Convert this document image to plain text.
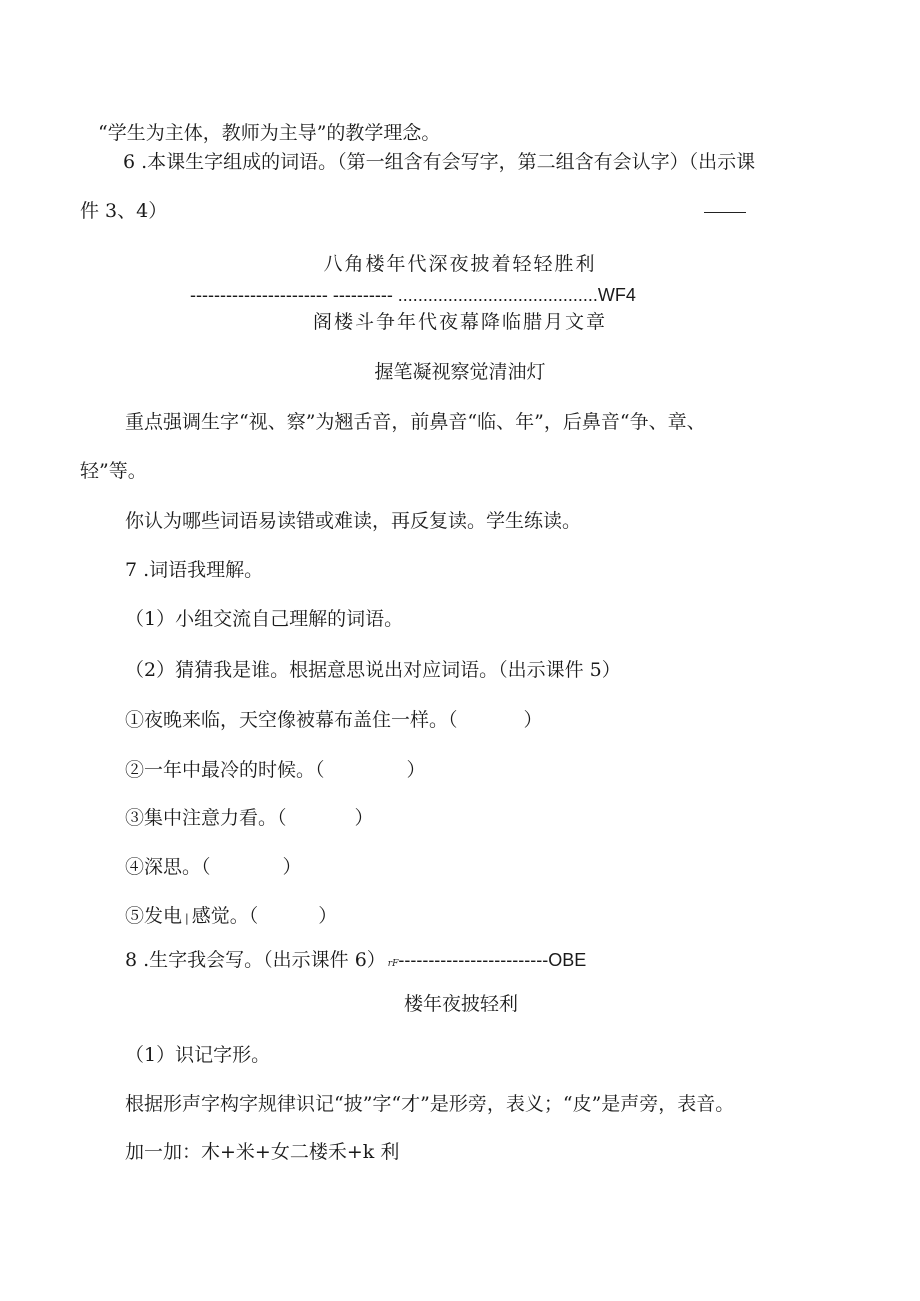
“学生为主体，教师为主导”的教学理念。
6 .本课生字组成的词语。（第一组含有会写字，第二组含有会认字）（出示课
件 3、4）
八角楼年代深夜披着轻轻胜利
----------------------- ---------- ........................................WF4
阁楼斗争年代夜幕降临腊月文章
握笔凝视察觉清油灯
重点强调生字“视、察”为翘舌音，前鼻音“临、年”，后鼻音“争、章、
轻”等。
你认为哪些词语易读错或难读，再反复读。学生练读。
7 .词语我理解。
（1）小组交流自己理解的词语。
（2）猜猜我是谁。根据意思说出对应词语。（出示课件 5）
①夜晚来临，天空像被幕布盖住一样。（	）
②一年中最冷的时候。（	）
③集中注意力看。（	）
④深思。（	）
⑤发电 | 感觉。（	）
8 .生字我会写。（出示课件 6） rF-------------------------OBE
楼年夜披轻利
（1）识记字形。
根据形声字构字规律识记“披”字“才”是形旁，表义；“皮”是声旁，表音。
加一加：木+米+女二楼禾+k 利
